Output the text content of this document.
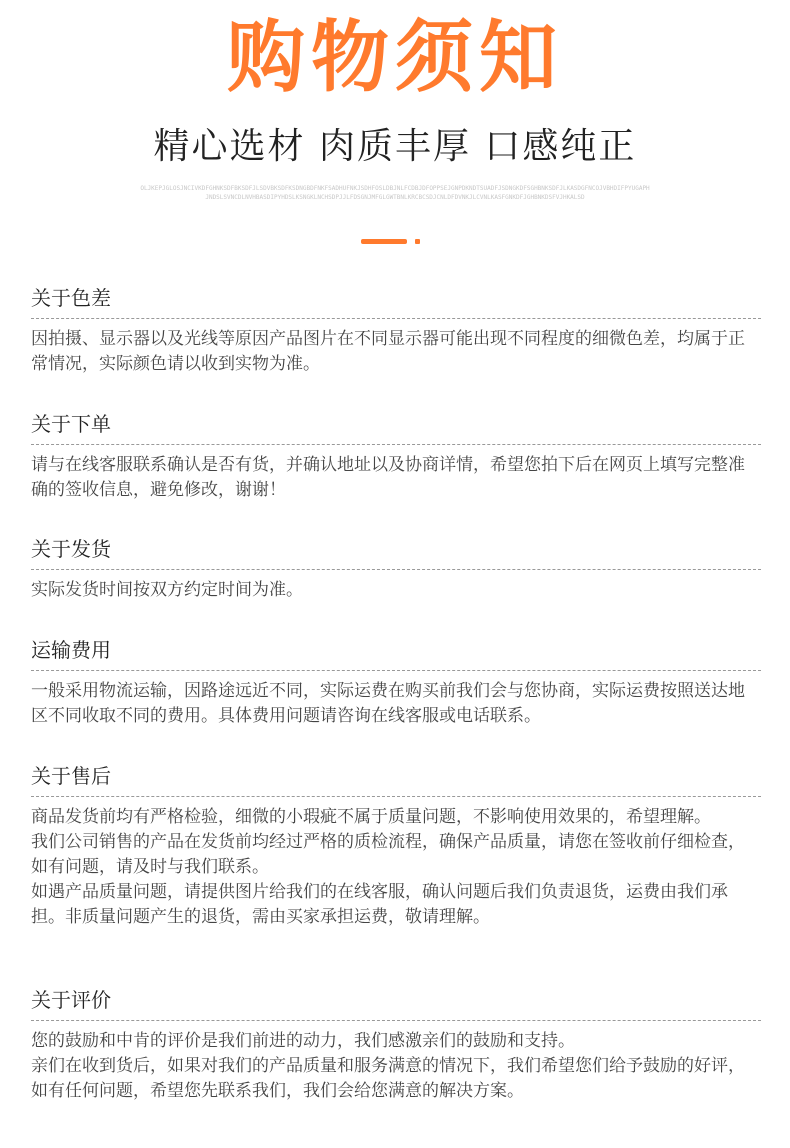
购物须知
精心选材 肉质丰厚 口感纯正
OLJKEPJGLOSJNCIVKDFGHNKSDFBKSDFJLSDVBKSDFKSDNGBDFNKFSADHUFNKJSDHFOSLDBJNLFCDBJDFOPPSEJGNPDKNDTSUADFJSDNGKDFSGHBNKSDFJLKASDGFNCOJVBHDIFPYUGAPHJNDSLSVNCDLNVHBASDIPYHDSLKSNGKLNCHSDPJJLFDSGNJMFGLGWTBNLKRCBCSDJCNLDFDVNKJLCVNLKASFGNKDFJGHBNKDSFVJHKALSD
关于色差

因拍摄、显示器以及光线等原因产品图片在不同显示器可能出现不同程度的细微色差，均属于正常情况，实际颜色请以收到实物为准。

关于下单

请与在线客服联系确认是否有货，并确认地址以及协商详情，希望您拍下后在网页上填写完整准确的签收信息，避免修改，谢谢！

关于发货

实际发货时间按双方约定时间为准。

运输费用

一般采用物流运输，因路途远近不同，实际运费在购买前我们会与您协商，实际运费按照送达地区不同收取不同的费用。具体费用问题请咨询在线客服或电话联系。

关于售后

商品发货前均有严格检验，细微的小瑕疵不属于质量问题，不影响使用效果的，希望理解。

我们公司销售的产品在发货前均经过严格的质检流程，确保产品质量，请您在签收前仔细检查，如有问题，请及时与我们联系。

如遇产品质量问题，请提供图片给我们的在线客服，确认问题后我们负责退货，运费由我们承担。非质量问题产生的退货，需由买家承担运费，敬请理解。

关于评价

您的鼓励和中肯的评价是我们前进的动力，我们感激亲们的鼓励和支持。

亲们在收到货后，如果对我们的产品质量和服务满意的情况下，我们希望您们给予鼓励的好评，如有任何问题，希望您先联系我们，我们会给您满意的解决方案。
